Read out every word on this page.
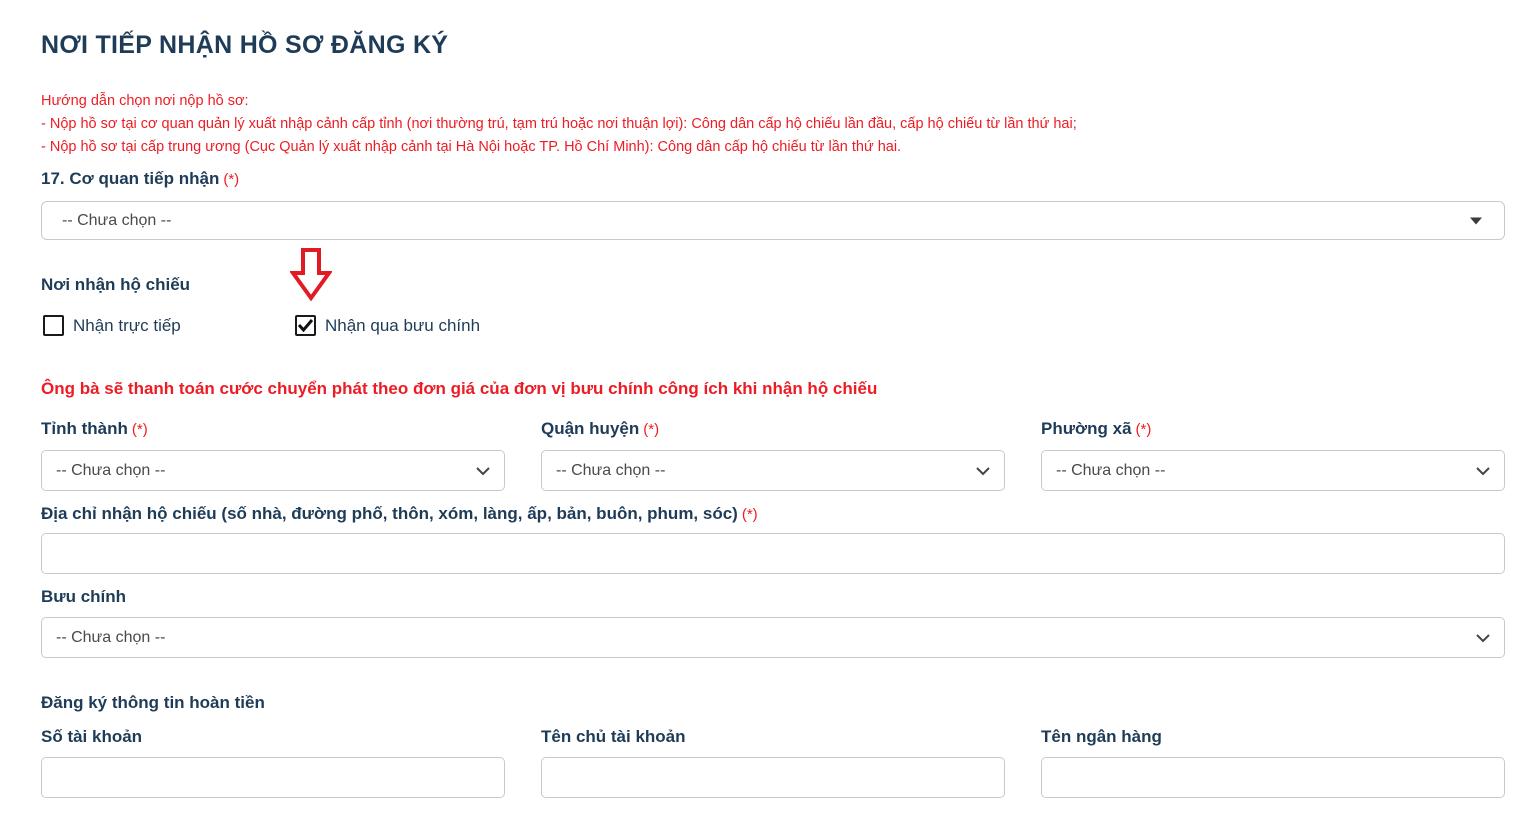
NƠI TIẾP NHẬN HỒ SƠ ĐĂNG KÝ
Hướng dẫn chọn nơi nộp hồ sơ:
- Nộp hồ sơ tại cơ quan quản lý xuất nhập cảnh cấp tỉnh (nơi thường trú, tạm trú hoặc nơi thuận lợi): Công dân cấp hộ chiếu lần đầu, cấp hộ chiếu từ lần thứ hai;
- Nộp hồ sơ tại cấp trung ương (Cục Quản lý xuất nhập cảnh tại Hà Nội hoặc TP. Hồ Chí Minh): Công dân cấp hộ chiếu từ lần thứ hai.
17. Cơ quan tiếp nhận (*)
-- Chưa chọn --
Nơi nhận hộ chiếu
Nhận trực tiếp	Nhận qua bưu chính
Ông bà sẽ thanh toán cước chuyển phát theo đơn giá của đơn vị bưu chính công ích khi nhận hộ chiếu
Tỉnh thành (*)	Quận huyện (*)	Phường xã (*)
-- Chưa chọn --	-- Chưa chọn --	-- Chưa chọn --
Địa chỉ nhận hộ chiếu (số nhà, đường phố, thôn, xóm, làng, ấp, bản, buôn, phum, sóc) (*)
Bưu chính
-- Chưa chọn --
Đăng ký thông tin hoàn tiền
Số tài khoản	Tên chủ tài khoản	Tên ngân hàng
